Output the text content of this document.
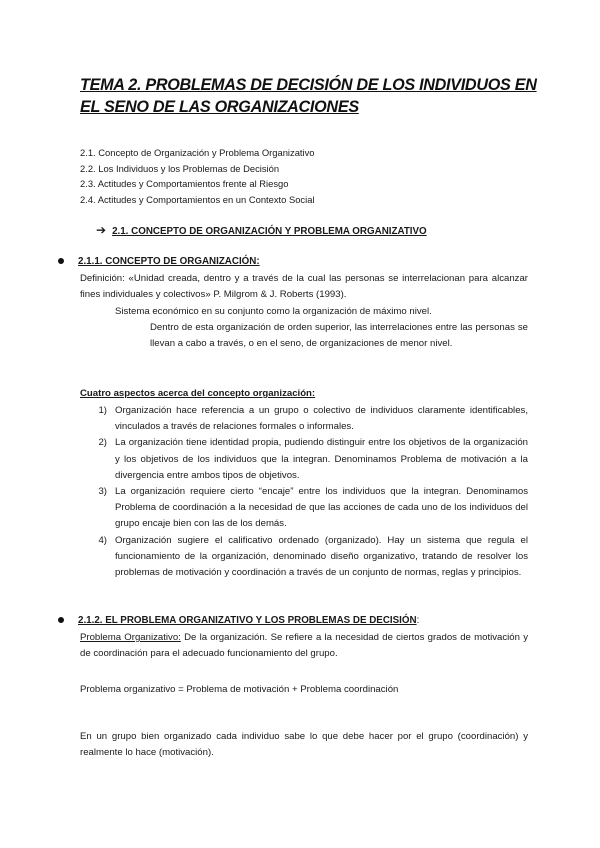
TEMA 2. PROBLEMAS DE DECISIÓN DE LOS INDIVIDUOS EN EL SENO DE LAS ORGANIZACIONES
2.1. Concepto de Organización y Problema Organizativo
2.2. Los Individuos y los Problemas de Decisión
2.3. Actitudes y Comportamientos frente al Riesgo
2.4. Actitudes y Comportamientos en un Contexto Social
➔ 2.1. CONCEPTO DE ORGANIZACIÓN Y PROBLEMA ORGANIZATIVO
2.1.1. CONCEPTO DE ORGANIZACIÓN:
Definición: «Unidad creada, dentro y a través de la cual las personas se interrelacionan para alcanzar fines individuales y colectivos» P. Milgrom & J. Roberts (1993).
Sistema económico en su conjunto como la organización de máximo nivel.
Dentro de esta organización de orden superior, las interrelaciones entre las personas se llevan a cabo a través, o en el seno, de organizaciones de menor nivel.
Cuatro aspectos acerca del concepto organización:
1) Organización hace referencia a un grupo o colectivo de individuos claramente identificables, vinculados a través de relaciones formales o informales.
2) La organización tiene identidad propia, pudiendo distinguir entre los objetivos de la organización y los objetivos de los individuos que la integran. Denominamos Problema de motivación a la divergencia entre ambos tipos de objetivos.
3) La organización requiere cierto “encaje” entre los individuos que la integran. Denominamos Problema de coordinación a la necesidad de que las acciones de cada uno de los individuos del grupo encaje bien con las de los demás.
4) Organización sugiere el calificativo ordenado (organizado). Hay un sistema que regula el funcionamiento de la organización, denominado diseño organizativo, tratando de resolver los problemas de motivación y coordinación a través de un conjunto de normas, reglas y principios.
2.1.2. EL PROBLEMA ORGANIZATIVO Y LOS PROBLEMAS DE DECISIÓN:
Problema Organizativo: De la organización. Se refiere a la necesidad de ciertos grados de motivación y de coordinación para el adecuado funcionamiento del grupo.
Problema organizativo = Problema de motivación + Problema coordinación
En un grupo bien organizado cada individuo sabe lo que debe hacer por el grupo (coordinación) y realmente lo hace (motivación).
